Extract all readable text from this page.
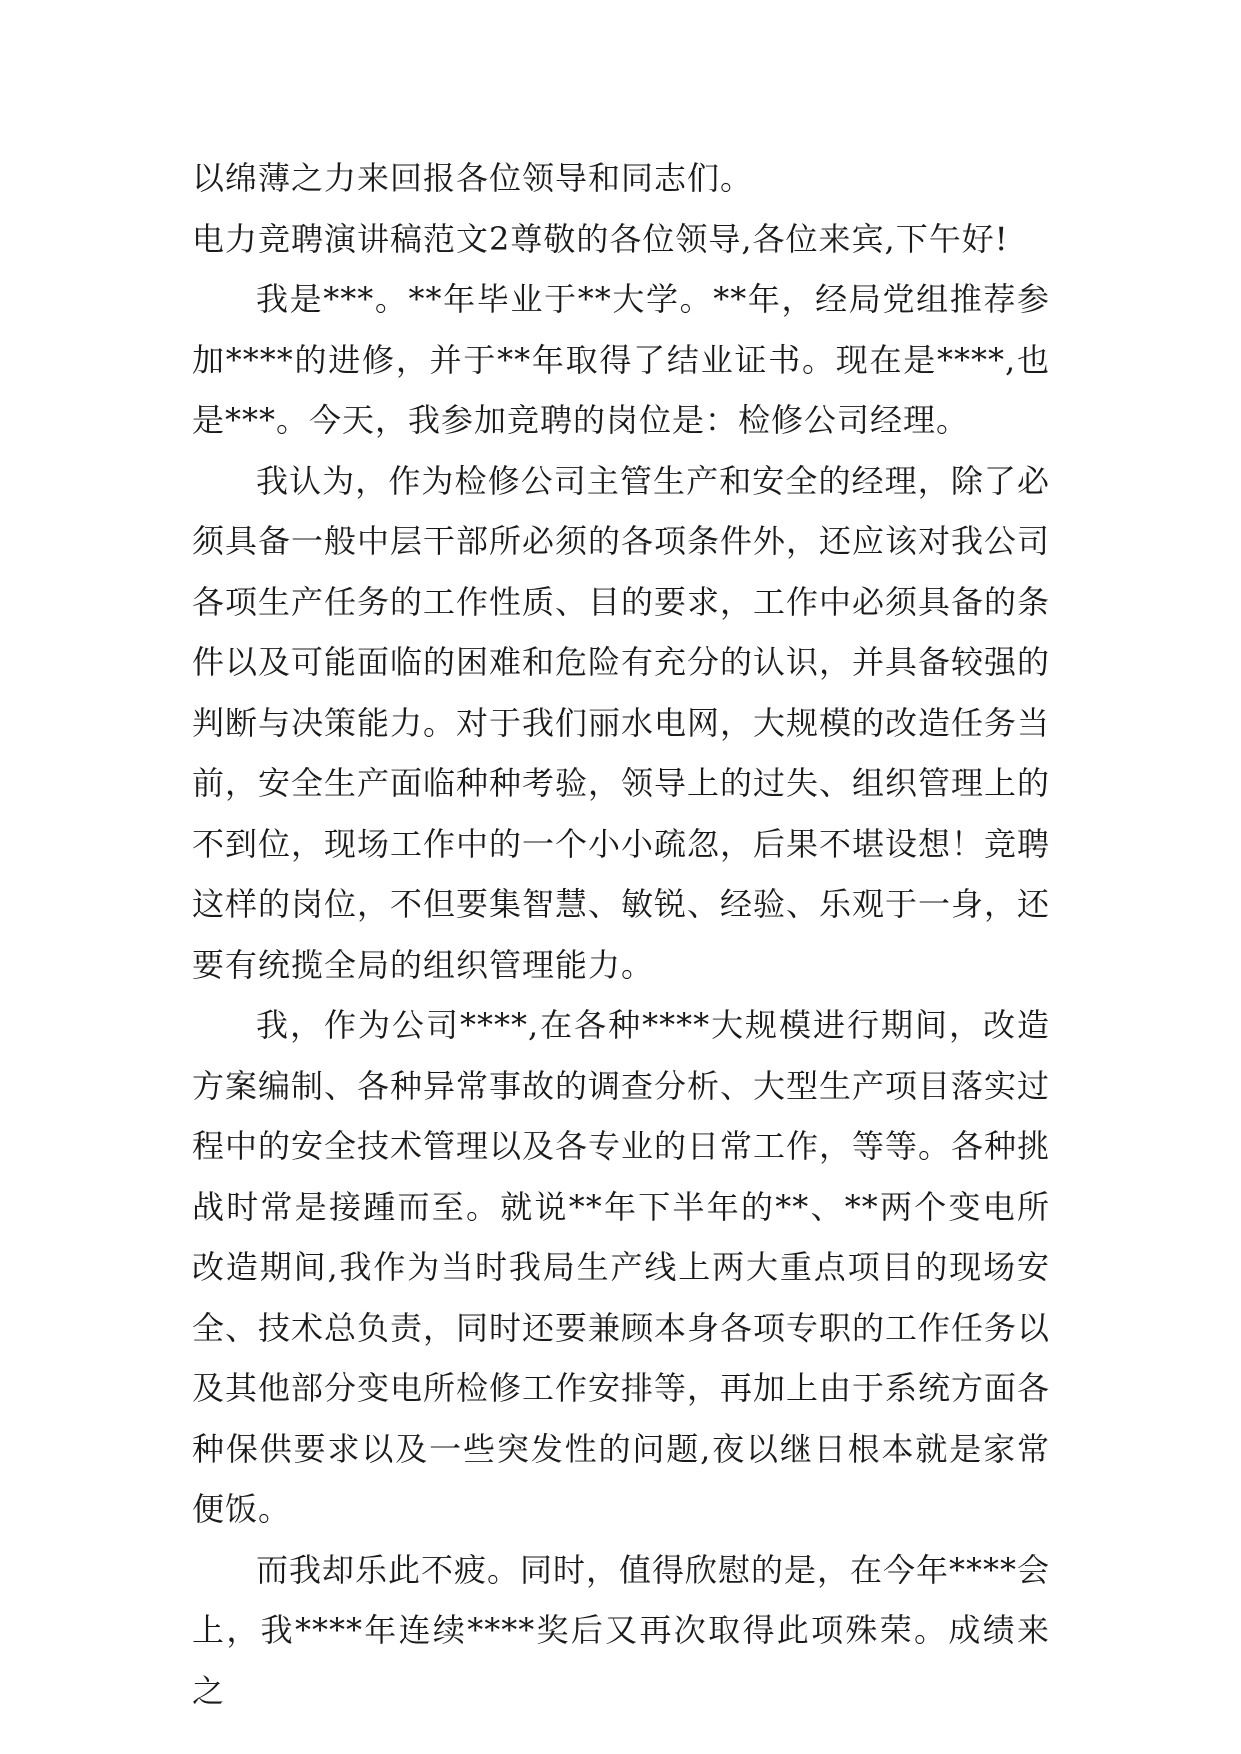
以绵薄之力来回报各位领导和同志们。

电力竞聘演讲稿范文2尊敬的各位领导,各位来宾,下午好!

我是***。**年毕业于**大学。**年，经局党组推荐参加****的进修，并于**年取得了结业证书。现在是****,也是***。今天，我参加竞聘的岗位是：检修公司经理。

我认为，作为检修公司主管生产和安全的经理，除了必须具备一般中层干部所必须的各项条件外，还应该对我公司各项生产任务的工作性质、目的要求，工作中必须具备的条件以及可能面临的困难和危险有充分的认识，并具备较强的判断与决策能力。对于我们丽水电网，大规模的改造任务当前，安全生产面临种种考验，领导上的过失、组织管理上的不到位，现场工作中的一个小小疏忽，后果不堪设想！竞聘这样的岗位，不但要集智慧、敏锐、经验、乐观于一身，还要有统揽全局的组织管理能力。

我，作为公司****,在各种****大规模进行期间，改造方案编制、各种异常事故的调查分析、大型生产项目落实过程中的安全技术管理以及各专业的日常工作，等等。各种挑战时常是接踵而至。就说**年下半年的**、**两个变电所改造期间,我作为当时我局生产线上两大重点项目的现场安全、技术总负责，同时还要兼顾本身各项专职的工作任务以及其他部分变电所检修工作安排等，再加上由于系统方面各种保供要求以及一些突发性的问题,夜以继日根本就是家常便饭。

而我却乐此不疲。同时，值得欣慰的是，在今年****会上，我****年连续****奖后又再次取得此项殊荣。成绩来之
